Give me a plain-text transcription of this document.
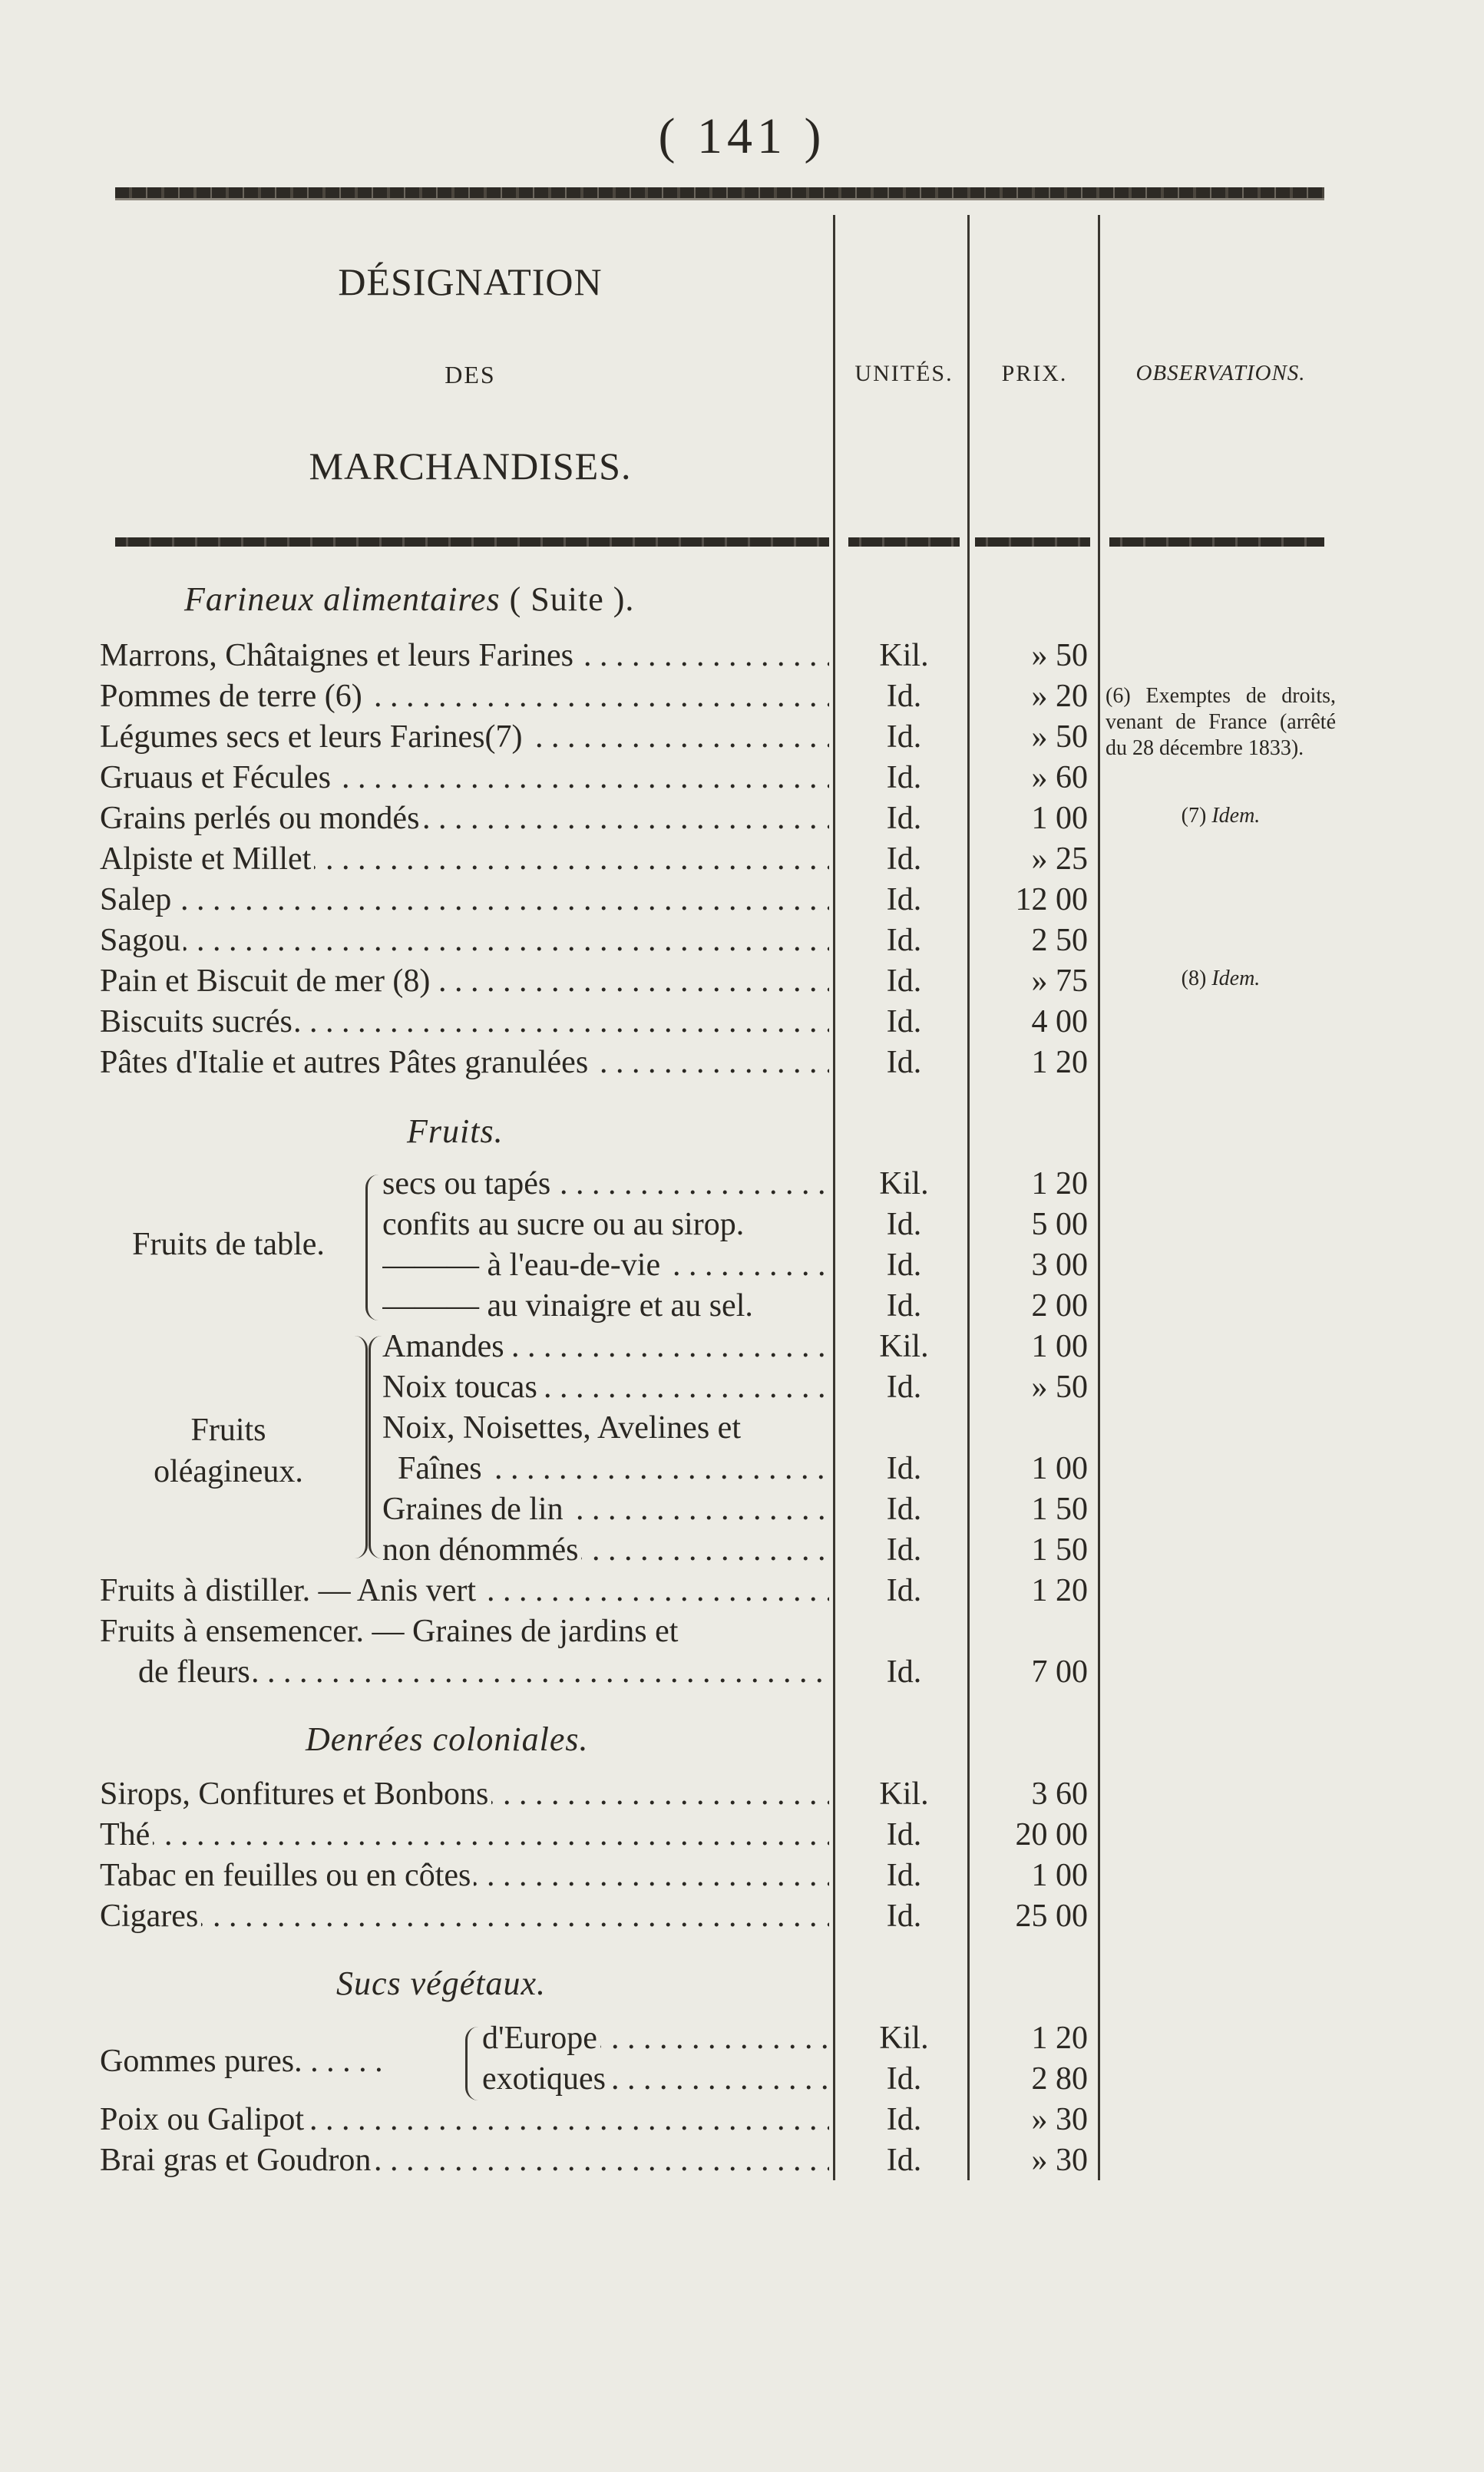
( 141 )
DÉSIGNATION
DES
MARCHANDISES.
UNITÉS.	PRIX.	OBSERVATIONS.
Farineux alimentaires ( Suite ).
Marrons, Châtaignes et leurs Farines . . .	Kil.	» 50
Pommes de terre (6) . . .	Id.	» 20
Légumes secs et leurs Farines(7) . . .	Id.	» 50
Gruaus et Fécules . . .	Id.	» 60
Grains perlés ou mondés . . .	Id.	1 00
Alpiste et Millet . . .	Id.	» 25
Salep . . .	Id.	12 00
Sagou . . .	Id.	2 50
Pain et Biscuit de mer (8) . . .	Id.	» 75
Biscuits sucrés . . .	Id.	4 00
Pâtes d'Italie et autres Pâtes granulées . . .	Id.	1 20
(6) Exemptes de droits, venant de France (arrêté du 28 décembre 1833).
(7) Idem.
(8) Idem.
Fruits.
Fruits de table.
secs ou tapés . . .	Kil.	1 20
confits au sucre ou au sirop.	Id.	5 00
——— à l'eau-de-vie . . .	Id.	3 00
——— au vinaigre et au sel.	Id.	2 00
Fruits
oléagineux.
Amandes . . .	Kil.	1 00
Noix toucas . . .	Id.	» 50
Noix, Noisettes, Avelines et
Faînes . . .	Id.	1 00
Graines de lin . . .	Id.	1 50
non dénommés . . .	Id.	1 50
Fruits à distiller. — Anis vert . . .	Id.	1 20
Fruits à ensemencer. — Graines de jardins et
de fleurs . . .	Id.	7 00
Denrées coloniales.
Sirops, Confitures et Bonbons . . .	Kil.	3 60
Thé . . .	Id.	20 00
Tabac en feuilles ou en côtes . . .	Id.	1 00
Cigares . . .	Id.	25 00
Sucs végétaux.
Gommes pures. . . . . .
d'Europe . . .	Kil.	1 20
exotiques . . .	Id.	2 80
Poix ou Galipot . . .	Id.	» 30
Brai gras et Goudron . . .	Id.	» 30
